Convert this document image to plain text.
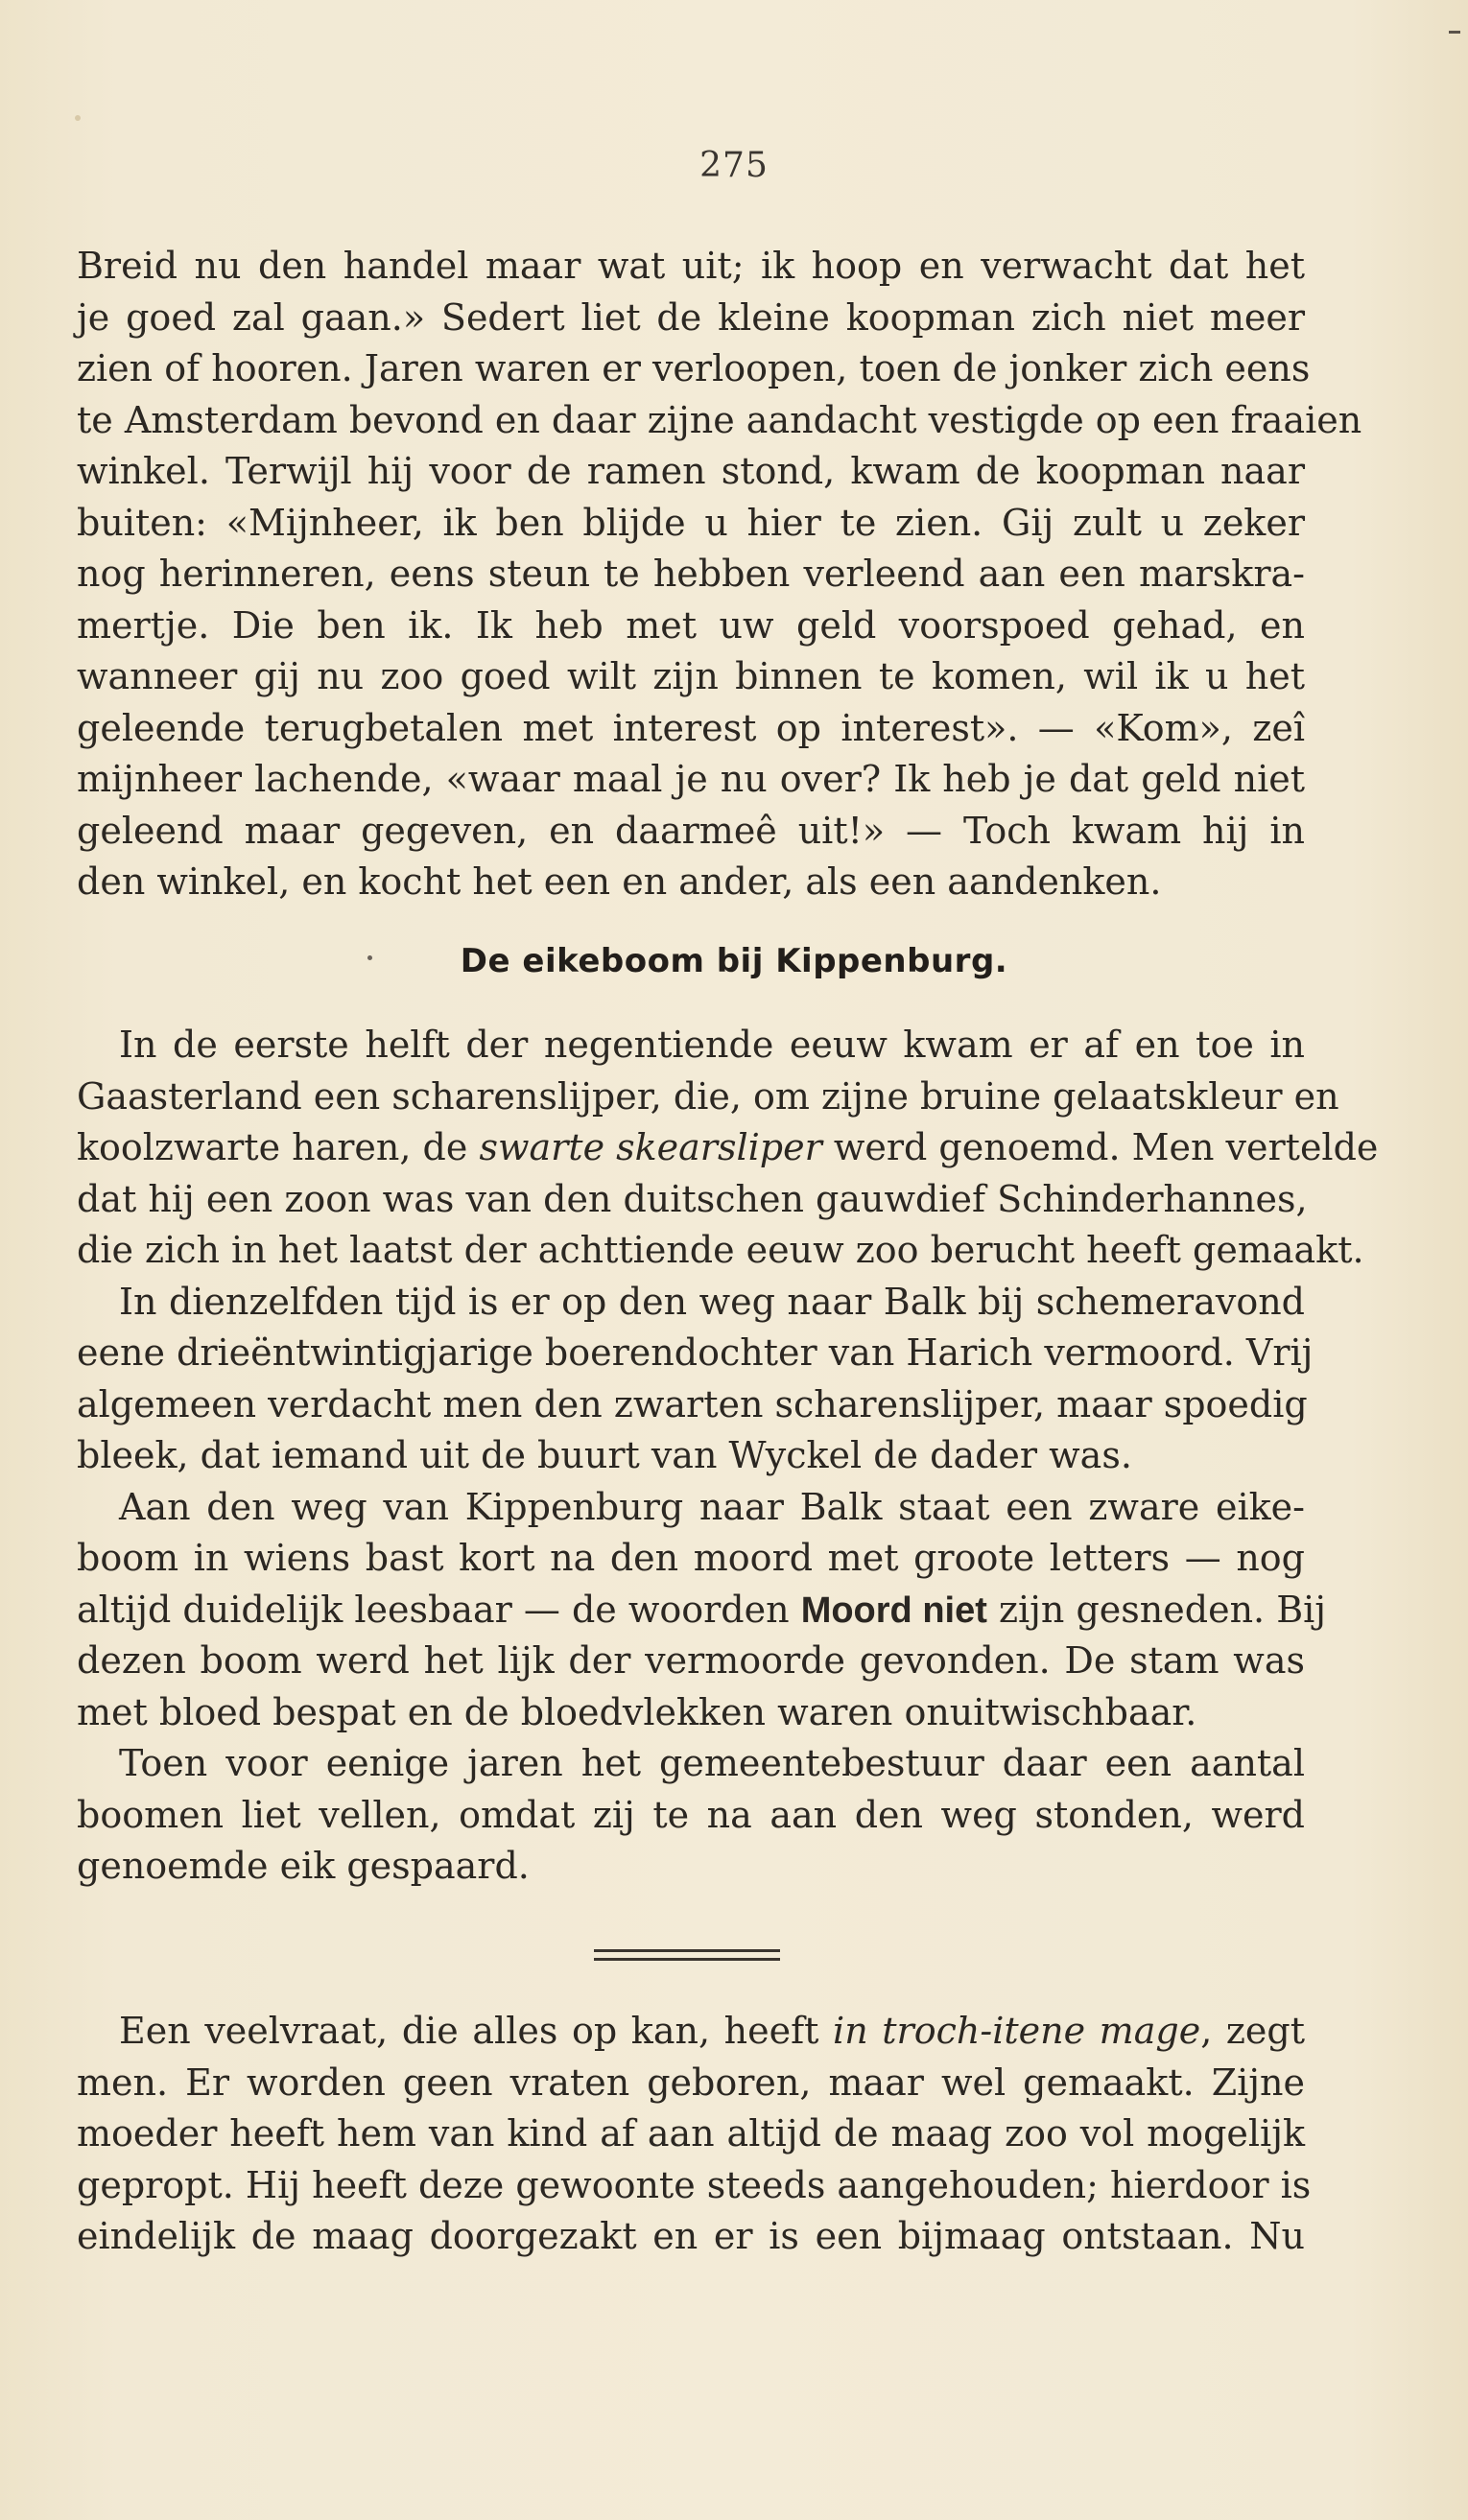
275
Breid nu den handel maar wat uit; ik hoop en verwacht dat het
je goed zal gaan.» Sedert liet de kleine koopman zich niet meer
zien of hooren. Jaren waren er verloopen, toen de jonker zich eens
te Amsterdam bevond en daar zijne aandacht vestigde op een fraaien
winkel. Terwijl hij voor de ramen stond, kwam de koopman naar
buiten: «Mijnheer, ik ben blijde u hier te zien. Gij zult u zeker
nog herinneren, eens steun te hebben verleend aan een marskra-
mertje. Die ben ik. Ik heb met uw geld voorspoed gehad, en
wanneer gij nu zoo goed wilt zijn binnen te komen, wil ik u het
geleende terugbetalen met interest op interest». — «Kom», zeî
mijnheer lachende, «waar maal je nu over? Ik heb je dat geld niet
geleend maar gegeven, en daarmeê uit!» — Toch kwam hij in
den winkel, en kocht het een en ander, als een aandenken.
De eikeboom bij Kippenburg.
In de eerste helft der negentiende eeuw kwam er af en toe in
Gaasterland een scharenslijper, die, om zijne bruine gelaatskleur en
koolzwarte haren, de swarte skearsliper werd genoemd. Men vertelde
dat hij een zoon was van den duitschen gauwdief Schinderhannes,
die zich in het laatst der achttiende eeuw zoo berucht heeft gemaakt.
In dienzelfden tijd is er op den weg naar Balk bij schemeravond
eene drieëntwintigjarige boerendochter van Harich vermoord. Vrij
algemeen verdacht men den zwarten scharenslijper, maar spoedig
bleek, dat iemand uit de buurt van Wyckel de dader was.
Aan den weg van Kippenburg naar Balk staat een zware eike-
boom in wiens bast kort na den moord met groote letters — nog
altijd duidelijk leesbaar — de woorden Moord niet zijn gesneden. Bij
dezen boom werd het lijk der vermoorde gevonden. De stam was
met bloed bespat en de bloedvlekken waren onuitwischbaar.
Toen voor eenige jaren het gemeentebestuur daar een aantal
boomen liet vellen, omdat zij te na aan den weg stonden, werd
genoemde eik gespaard.
Een veelvraat, die alles op kan, heeft in troch-itene mage, zegt
men. Er worden geen vraten geboren, maar wel gemaakt. Zijne
moeder heeft hem van kind af aan altijd de maag zoo vol mogelijk
gepropt. Hij heeft deze gewoonte steeds aangehouden; hierdoor is
eindelijk de maag doorgezakt en er is een bijmaag ontstaan. Nu
